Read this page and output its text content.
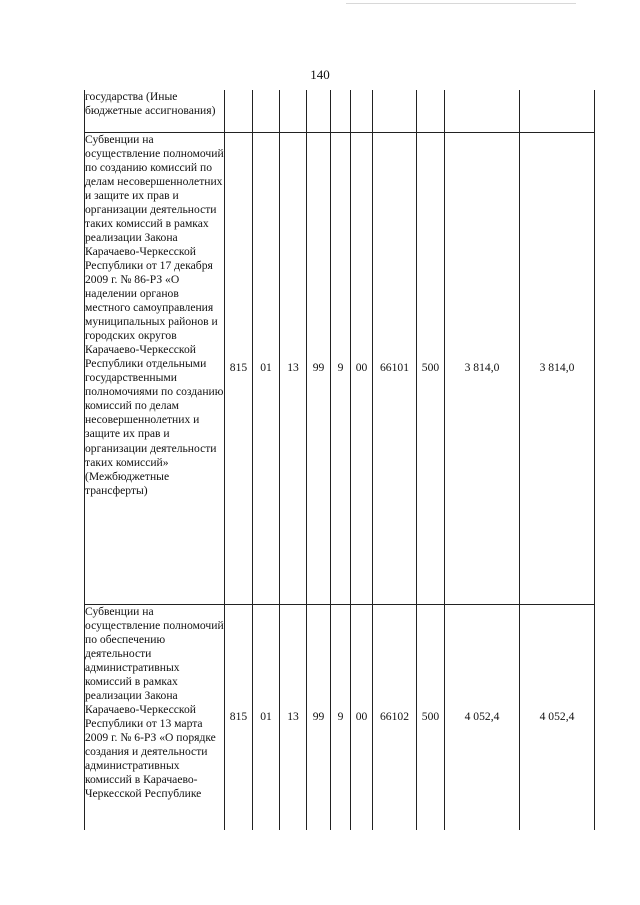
140
государства (Иные бюджетные ассигнования)										
Субвенции на осуществление полномочий по созданию комиссий по делам несовершеннолетних и защите их прав и организации деятельности таких комиссий в рамках реализации Закона Карачаево-Черкесской Республики от 17 декабря 2009 г. № 86-РЗ «О наделении органов местного самоуправления муниципальных районов и городских округов Карачаево-Черкесской Республики отдельными государственными полномочиями по созданию комиссий по делам несовершеннолетних и защите их прав и организации деятельности таких комиссий» (Межбюджетные трансферты)	815	01	13	99	9	00	66101	500	3 814,0	3 814,0
Субвенции на осуществление полномочий по обеспечению деятельности административных комиссий в рамках реализации Закона Карачаево-Черкесской Республики от 13 марта 2009 г. № 6-РЗ «О порядке создания и деятельности административных комиссий в Карачаево-Черкесской Республике	815	01	13	99	9	00	66102	500	4 052,4	4 052,4
